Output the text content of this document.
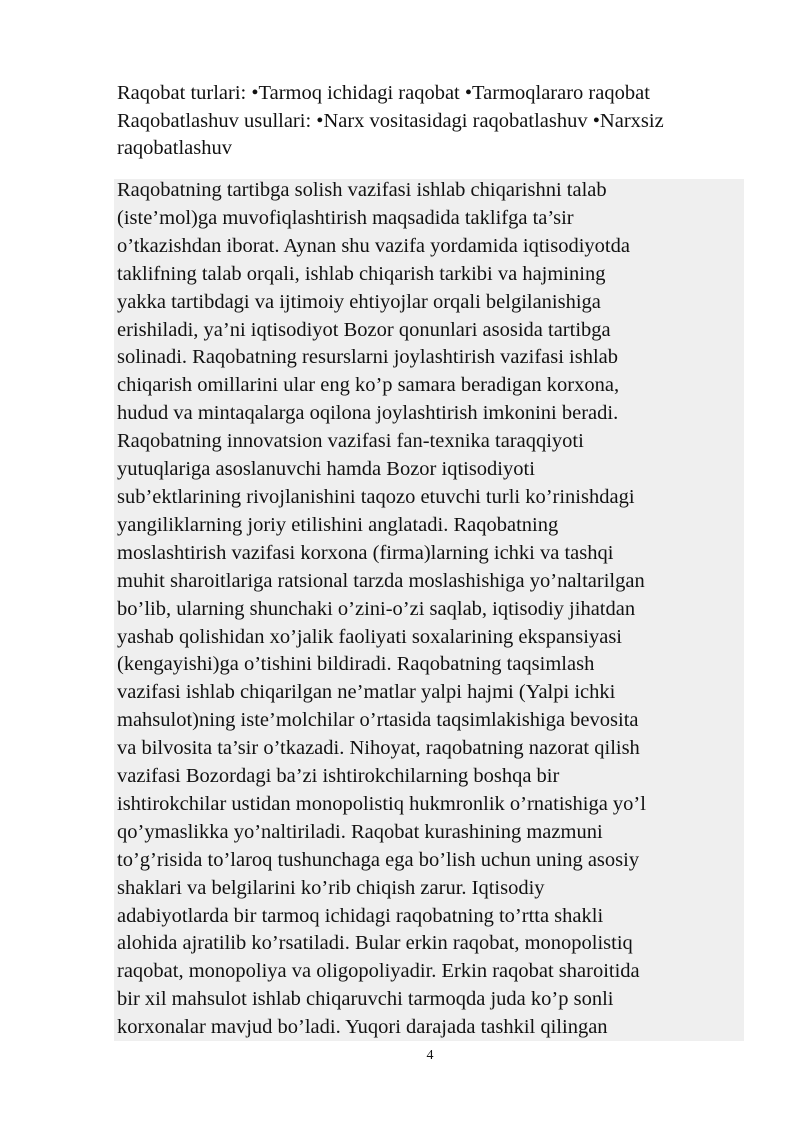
Raqobat turlari: •Tarmoq ichidagi raqobat •Tarmoqlararo raqobat Raqobatlashuv usullari: •Narx vositasidagi raqobatlashuv •Narxsiz raqobatlashuv

Raqobatning tartibga solish vazifasi ishlab chiqarishni talab
(iste’mol)ga muvofiqlashtirish maqsadida taklifga ta’sir
o’tkazishdan iborat. Aynan shu vazifa yordamida iqtisodiyotda
taklifning talab orqali, ishlab chiqarish tarkibi va hajmining
yakka tartibdagi va ijtimoiy ehtiyojlar orqali belgilanishiga
erishiladi, ya’ni iqtisodiyot Bozor qonunlari asosida tartibga
solinadi. Raqobatning resurslarni joylashtirish vazifasi ishlab
chiqarish omillarini ular eng ko’p samara beradigan korxona,
hudud va mintaqalarga oqilona joylashtirish imkonini beradi.
Raqobatning innovatsion vazifasi fan-texnika taraqqiyoti
yutuqlariga asoslanuvchi hamda Bozor iqtisodiyoti
sub’ektlarining rivojlanishini taqozo etuvchi turli ko’rinishdagi
yangiliklarning joriy etilishini anglatadi. Raqobatning
moslashtirish vazifasi korxona (firma)larning ichki va tashqi
muhit sharoitlariga ratsional tarzda moslashishiga yo’naltarilgan
bo’lib, ularning shunchaki o’zini-o’zi saqlab, iqtisodiy jihatdan
yashab qolishidan xo’jalik faoliyati soxalarining ekspansiyasi
(kengayishi)ga o’tishini bildiradi. Raqobatning taqsimlash
vazifasi ishlab chiqarilgan ne’matlar yalpi hajmi (Yalpi ichki
mahsulot)ning iste’molchilar o’rtasida taqsimlakishiga bevosita
va bilvosita ta’sir o’tkazadi. Nihoyat, raqobatning nazorat qilish
vazifasi Bozordagi ba’zi ishtirokchilarning boshqa bir
ishtirokchilar ustidan monopolistiq hukmronlik o’rnatishiga yo’l
qo’ymaslikka yo’naltiriladi. Raqobat kurashining mazmuni
to’g’risida to’laroq tushunchaga ega bo’lish uchun uning asosiy
shaklari va belgilarini ko’rib chiqish zarur. Iqtisodiy
adabiyotlarda bir tarmoq ichidagi raqobatning to’rtta shakli
alohida ajratilib ko’rsatiladi. Bular erkin raqobat, monopolistiq
raqobat, monopoliya va oligopoliyadir. Erkin raqobat sharoitida
bir xil mahsulot ishlab chiqaruvchi tarmoqda juda ko’p sonli
korxonalar mavjud bo’ladi. Yuqori darajada tashkil qilingan

4
